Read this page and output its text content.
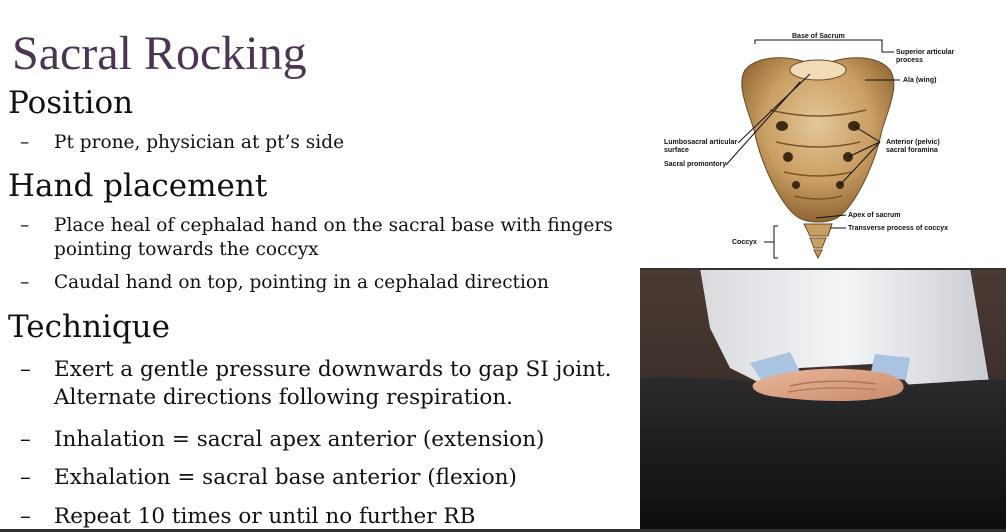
Sacral Rocking
Position

– Pt prone, physician at pt’s side

Hand placement

– Place heal of cephalad hand on the sacral base with fingers pointing towards the coccyx

– Caudal hand on top, pointing in a cephalad direction

Technique

– Exert a gentle pressure downwards to gap SI joint. Alternate directions following respiration.

– Inhalation = sacral apex anterior (extension)

– Exhalation = sacral base anterior (flexion)

– Repeat 10 times or until no further RB

Base of Sacrum
Superior articular
process
Ala (wing)
Lumbosacral articular
surface
Sacral promontory
Anterior (pelvic)
sacral foramina
Apex of sacrum
Transverse process of coccyx
Coccyx
